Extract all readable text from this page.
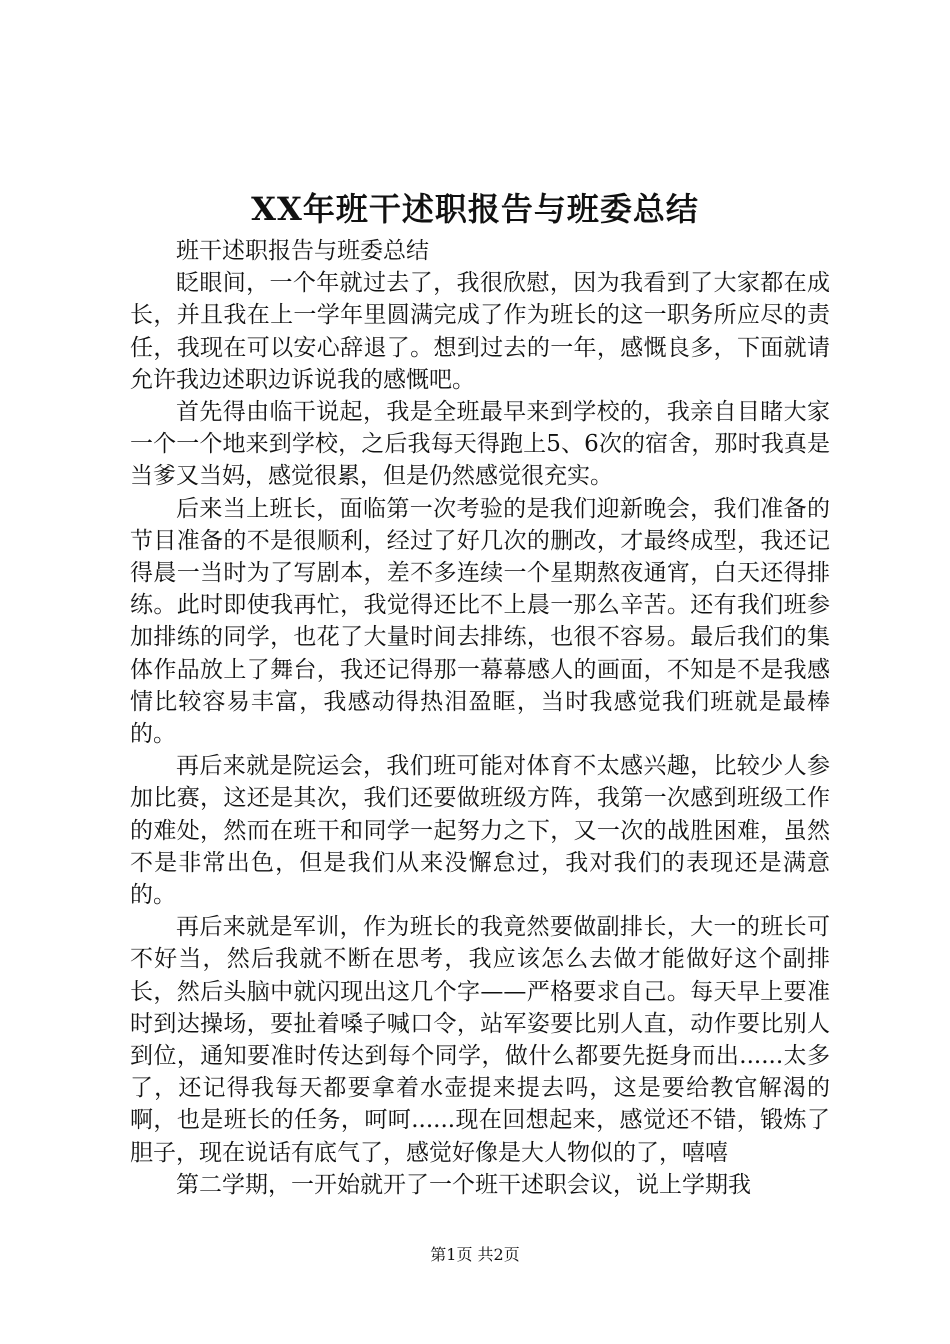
XX年班干述职报告与班委总结

班干述职报告与班委总结

眨眼间，一个年就过去了，我很欣慰，因为我看到了大家都在成长，并且我在上一学年里圆满完成了作为班长的这一职务所应尽的责任，我现在可以安心辞退了。想到过去的一年，感慨良多，下面就请允许我边述职边诉说我的感慨吧。

首先得由临干说起，我是全班最早来到学校的，我亲自目睹大家一个一个地来到学校，之后我每天得跑上5、6次的宿舍，那时我真是当爹又当妈，感觉很累，但是仍然感觉很充实。

后来当上班长，面临第一次考验的是我们迎新晚会，我们准备的节目准备的不是很顺利，经过了好几次的删改，才最终成型，我还记得晨一当时为了写剧本，差不多连续一个星期熬夜通宵，白天还得排练。此时即使我再忙，我觉得还比不上晨一那么辛苦。还有我们班参加排练的同学，也花了大量时间去排练，也很不容易。最后我们的集体作品放上了舞台，我还记得那一幕幕感人的画面，不知是不是我感情比较容易丰富，我感动得热泪盈眶，当时我感觉我们班就是最棒的。

再后来就是院运会，我们班可能对体育不太感兴趣，比较少人参加比赛，这还是其次，我们还要做班级方阵，我第一次感到班级工作的难处，然而在班干和同学一起努力之下，又一次的战胜困难，虽然不是非常出色，但是我们从来没懈怠过，我对我们的表现还是满意的。

再后来就是军训，作为班长的我竟然要做副排长，大一的班长可不好当，然后我就不断在思考，我应该怎么去做才能做好这个副排长，然后头脑中就闪现出这几个字——严格要求自己。每天早上要准时到达操场，要扯着嗓子喊口令，站军姿要比别人直，动作要比别人到位，通知要准时传达到每个同学，做什么都要先挺身而出......太多了，还记得我每天都要拿着水壶提来提去吗，这是要给教官解渴的啊，也是班长的任务，呵呵......现在回想起来，感觉还不错，锻炼了胆子，现在说话有底气了，感觉好像是大人物似的了，嘻嘻

第二学期，一开始就开了一个班干述职会议，说上学期我

第1页 共2页
